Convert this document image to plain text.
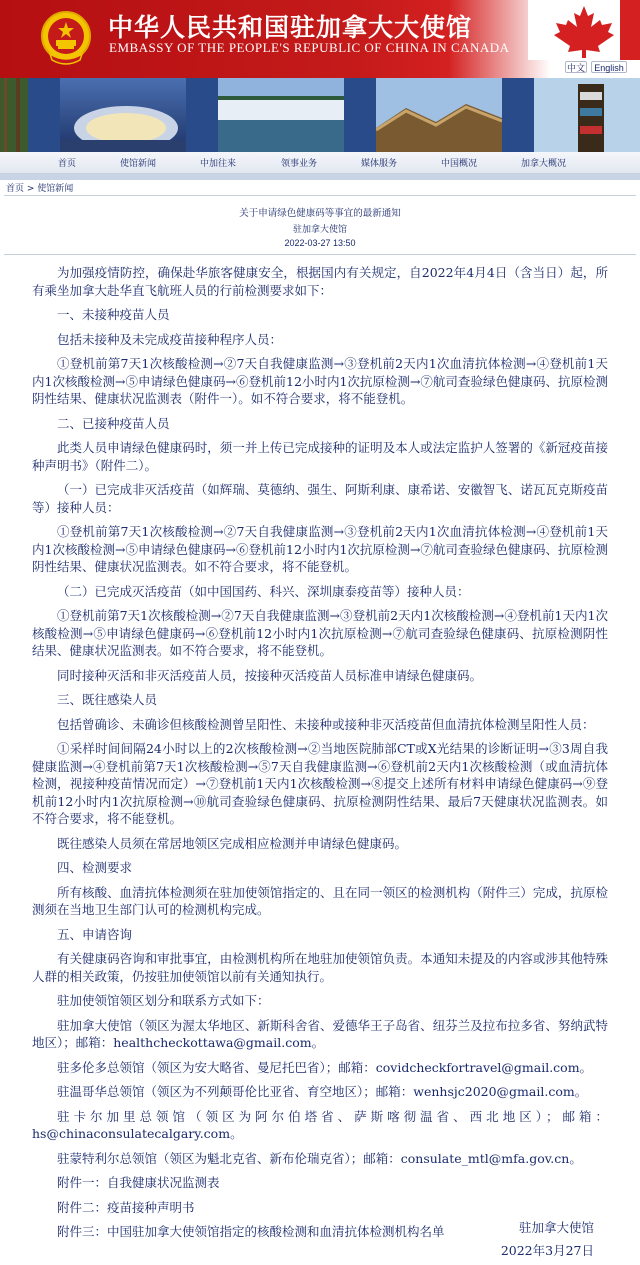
中华人民共和国驻加拿大大使馆
EMBASSY OF THE PEOPLE'S REPUBLIC OF CHINA IN CANADA
中文	English
首页	使馆新闻	中加往来	领事业务	媒体服务	中国概况	加拿大概况
首页 > 使馆新闻
关于申请绿色健康码等事宜的最新通知
驻加拿大使馆
2022-03-27 13:50

为加强疫情防控，确保赴华旅客健康安全，根据国内有关规定，自2022年4月4日（含当日）起，所有乘坐加拿大赴华直飞航班人员的行前检测要求如下：

一、未接种疫苗人员

包括未接种及未完成疫苗接种程序人员：

①登机前第7天1次核酸检测→②7天自我健康监测→③登机前2天内1次血清抗体检测→④登机前1天内1次核酸检测→⑤申请绿色健康码→⑥登机前12小时内1次抗原检测→⑦航司查验绿色健康码、抗原检测阴性结果、健康状况监测表（附件一）。如不符合要求，将不能登机。

二、已接种疫苗人员

此类人员申请绿色健康码时，须一并上传已完成接种的证明及本人或法定监护人签署的《新冠疫苗接种声明书》（附件二）。

（一）已完成非灭活疫苗（如辉瑞、莫德纳、强生、阿斯利康、康希诺、安徽智飞、诺瓦瓦克斯疫苗等）接种人员：

①登机前第7天1次核酸检测→②7天自我健康监测→③登机前2天内1次血清抗体检测→④登机前1天内1次核酸检测→⑤申请绿色健康码→⑥登机前12小时内1次抗原检测→⑦航司查验绿色健康码、抗原检测阴性结果、健康状况监测表。如不符合要求，将不能登机。

（二）已完成灭活疫苗（如中国国药、科兴、深圳康泰疫苗等）接种人员：

①登机前第7天1次核酸检测→②7天自我健康监测→③登机前2天内1次核酸检测→④登机前1天内1次核酸检测→⑤申请绿色健康码→⑥登机前12小时内1次抗原检测→⑦航司查验绿色健康码、抗原检测阴性结果、健康状况监测表。如不符合要求，将不能登机。

同时接种灭活和非灭活疫苗人员，按接种灭活疫苗人员标准申请绿色健康码。

三、既往感染人员

包括曾确诊、未确诊但核酸检测曾呈阳性、未接种或接种非灭活疫苗但血清抗体检测呈阳性人员：

①采样时间间隔24小时以上的2次核酸检测→②当地医院肺部CT或X光结果的诊断证明→③3周自我健康监测→④登机前第7天1次核酸检测→⑤7天自我健康监测→⑥登机前2天内1次核酸检测（或血清抗体检测，视接种疫苗情况而定）→⑦登机前1天内1次核酸检测→⑧提交上述所有材料申请绿色健康码→⑨登机前12小时内1次抗原检测→⑩航司查验绿色健康码、抗原检测阴性结果、最后7天健康状况监测表。如不符合要求，将不能登机。

既往感染人员须在常居地领区完成相应检测并申请绿色健康码。

四、检测要求

所有核酸、血清抗体检测须在驻加使领馆指定的、且在同一领区的检测机构（附件三）完成，抗原检测须在当地卫生部门认可的检测机构完成。

五、申请咨询

有关健康码咨询和审批事宜，由检测机构所在地驻加使领馆负责。本通知未提及的内容或涉其他特殊人群的相关政策，仍按驻加使领馆以前有关通知执行。

驻加使领馆领区划分和联系方式如下：

驻加拿大使馆（领区为渥太华地区、新斯科舍省、爱德华王子岛省、纽芬兰及拉布拉多省、努纳武特地区）；邮箱：healthcheckottawa@gmail.com。

驻多伦多总领馆（领区为安大略省、曼尼托巴省）；邮箱：covidcheckfortravel@gmail.com。

驻温哥华总领馆（领区为不列颠哥伦比亚省、育空地区）；邮箱：wenhsjc2020@gmail.com。

驻卡尔加里总领馆（领区为阿尔伯塔省、萨斯喀彻温省、西北地区）；邮箱：hs@chinaconsulatecalgary.com。

驻蒙特利尔总领馆（领区为魁北克省、新布伦瑞克省）；邮箱：consulate_mtl@mfa.gov.cn。

附件一：自我健康状况监测表

附件二：疫苗接种声明书

附件三：中国驻加拿大使领馆指定的核酸检测和血清抗体检测机构名单	驻加拿大使馆
2022年3月27日
